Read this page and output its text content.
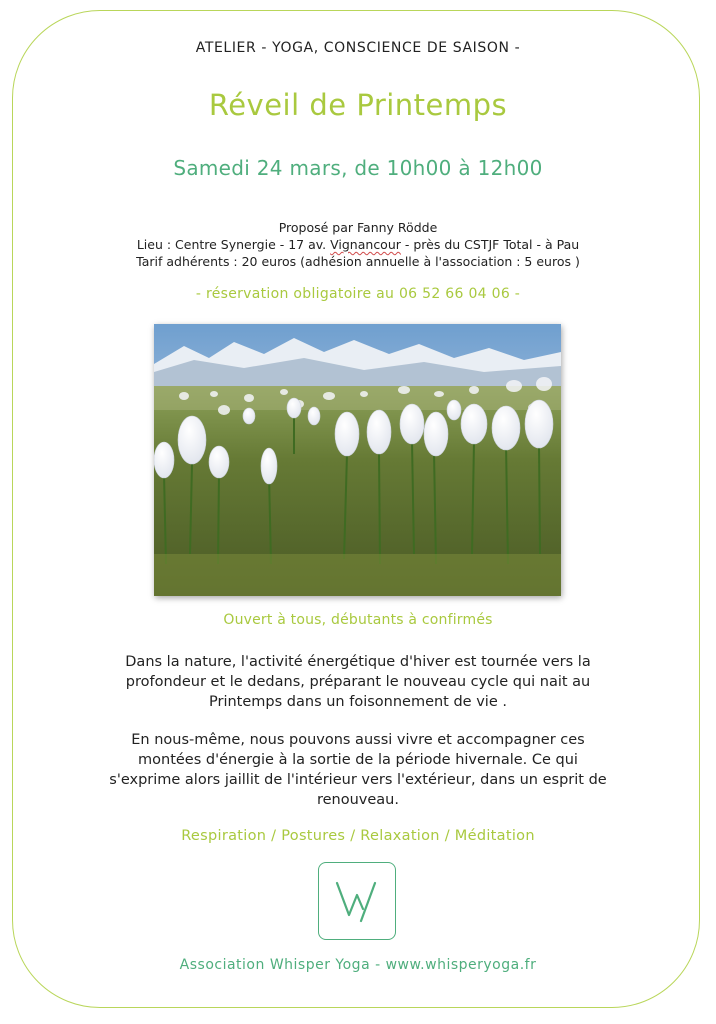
ATELIER - YOGA, CONSCIENCE DE SAISON -
Réveil de Printemps
Samedi 24 mars, de 10h00 à 12h00
Proposé par Fanny Rödde
Lieu : Centre Synergie - 17 av. Vignancour - près du CSTJF Total - à Pau
Tarif adhérents : 20 euros (adhésion annuelle à l'association : 5 euros )
- réservation obligatoire au 06 52 66 04 06 -
Ouvert à tous, débutants à confirmés
Dans la nature, l'activité énergétique d'hiver est tournée vers la
profondeur et le dedans, préparant le nouveau cycle qui nait au
Printemps dans un foisonnement de vie .
En nous-même, nous pouvons aussi vivre et accompagner ces
montées d'énergie à la sortie de la période hivernale. Ce qui
s'exprime alors jaillit de l'intérieur vers l'extérieur, dans un esprit de
renouveau.
Respiration / Postures / Relaxation / Méditation
Association Whisper Yoga - www.whisperyoga.fr
